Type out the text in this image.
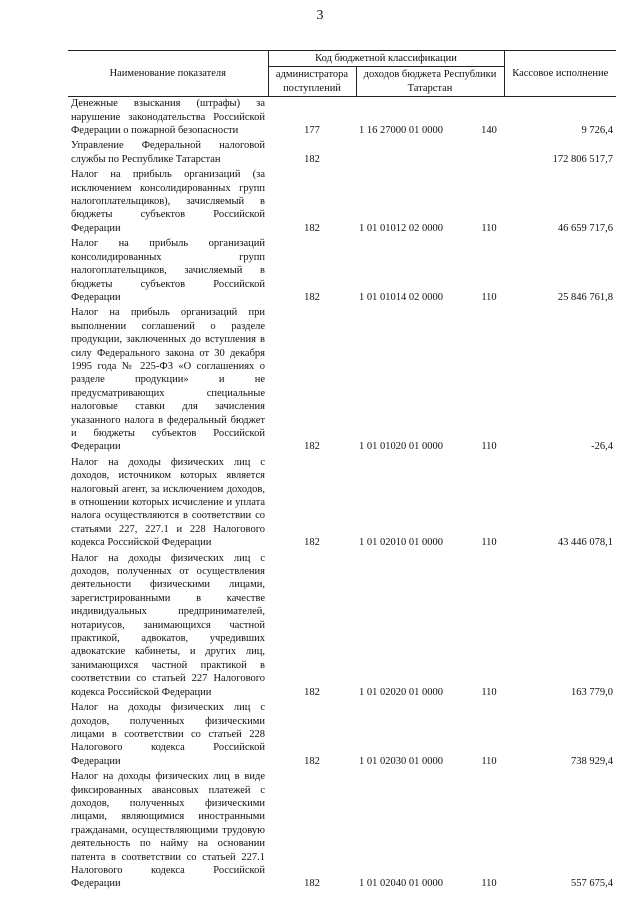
3
Наименование показателя	Код бюджетной классификации			Кассовое исполнение
	администратора поступлений	доходов бюджета Республики Татарстан		
Денежные взыскания (штрафы) за нарушение законодательства Российской Федерации о пожарной безопасности	177	1 16 27000 01 0000	140	9 726,4
Управление Федеральной налоговой службы по Республике Татарстан	182			172 806 517,7
Налог на прибыль организаций (за исключением консолидированных групп налогоплательщиков), зачисляемый в бюджеты субъектов Российской Федерации	182	1 01 01012 02 0000	110	46 659 717,6
Налог на прибыль организаций консолидированных групп налогоплательщиков, зачисляемый в бюджеты субъектов Российской Федерации	182	1 01 01014 02 0000	110	25 846 761,8
Налог на прибыль организаций при выполнении соглашений о разделе продукции, заключенных до вступления в силу Федерального закона от 30 декабря 1995 года № 225-ФЗ «О соглашениях о разделе продукции» и не предусматривающих специальные налоговые ставки для зачисления указанного налога в федеральный бюджет и бюджеты субъектов Российской Федерации	182	1 01 01020 01 0000	110	-26,4
Налог на доходы физических лиц с доходов, источником которых является налоговый агент, за исключением доходов, в отношении которых исчисление и уплата налога осуществляются в соответствии со статьями 227, 227.1 и 228 Налогового кодекса Российской Федерации	182	1 01 02010 01 0000	110	43 446 078,1
Налог на доходы физических лиц с доходов, полученных от осуществления деятельности физическими лицами, зарегистрированными в качестве индивидуальных предпринимателей, нотариусов, занимающихся частной практикой, адвокатов, учредивших адвокатские кабинеты, и других лиц, занимающихся частной практикой в соответствии со статьей 227 Налогового кодекса Российской Федерации	182	1 01 02020 01 0000	110	163 779,0
Налог на доходы физических лиц с доходов, полученных физическими лицами в соответствии со статьей 228 Налогового кодекса Российской Федерации	182	1 01 02030 01 0000	110	738 929,4
Налог на доходы физических лиц в виде фиксированных авансовых платежей с доходов, полученных физическими лицами, являющимися иностранными гражданами, осуществляющими трудовую деятельность по найму на основании патента в соответствии со статьей 227.1 Налогового кодекса Российской Федерации	182	1 01 02040 01 0000	110	557 675,4
